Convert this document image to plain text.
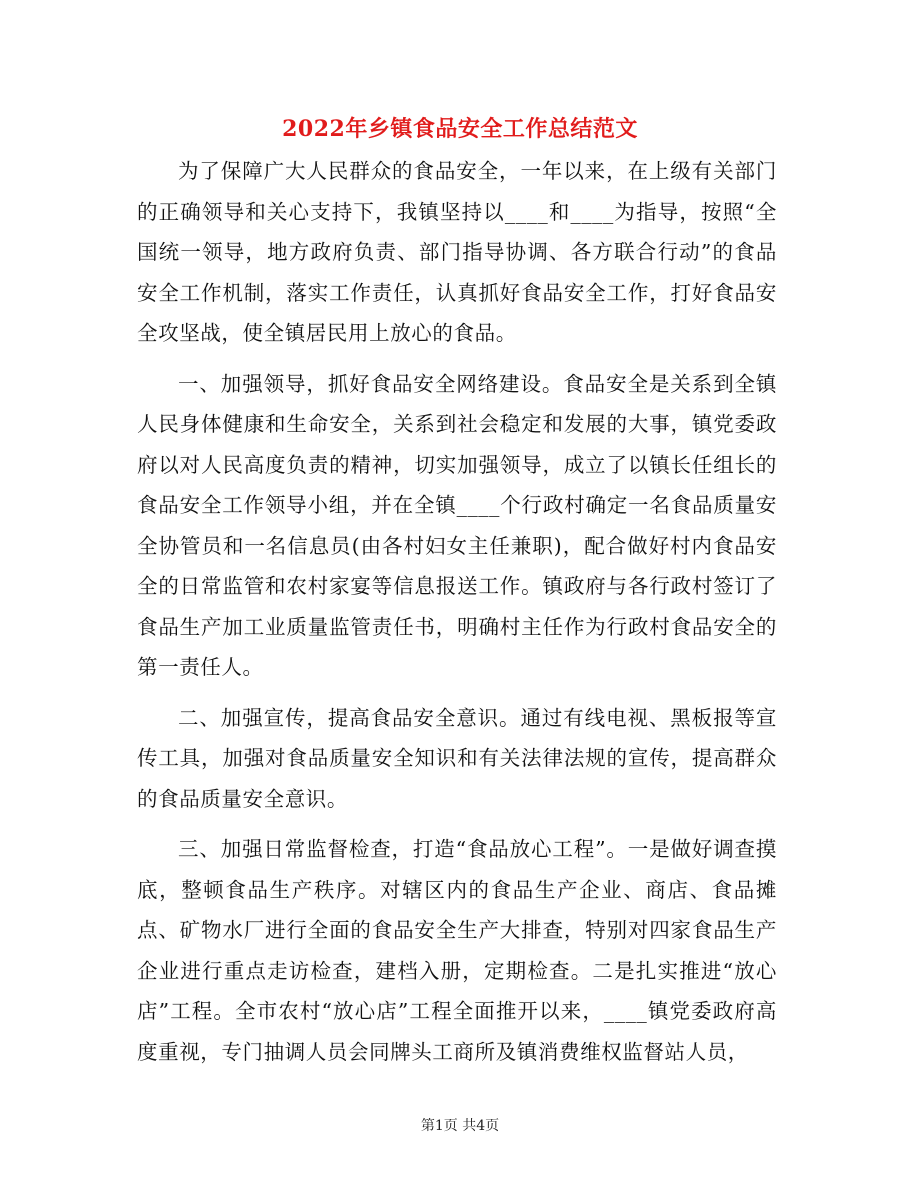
2022年乡镇食品安全工作总结范文

为了保障广大人民群众的食品安全，一年以来，在上级有关部门的正确领导和关心支持下，我镇坚持以____和____为指导，按照“全国统一领导，地方政府负责、部门指导协调、各方联合行动”的食品安全工作机制，落实工作责任，认真抓好食品安全工作，打好食品安全攻坚战，使全镇居民用上放心的食品。

一、加强领导，抓好食品安全网络建设。食品安全是关系到全镇人民身体健康和生命安全，关系到社会稳定和发展的大事，镇党委政府以对人民高度负责的精神，切实加强领导，成立了以镇长任组长的食品安全工作领导小组，并在全镇____个行政村确定一名食品质量安全协管员和一名信息员(由各村妇女主任兼职)，配合做好村内食品安全的日常监管和农村家宴等信息报送工作。镇政府与各行政村签订了食品生产加工业质量监管责任书，明确村主任作为行政村食品安全的第一责任人。

二、加强宣传，提高食品安全意识。通过有线电视、黑板报等宣传工具，加强对食品质量安全知识和有关法律法规的宣传，提高群众的食品质量安全意识。

三、加强日常监督检查，打造“食品放心工程”。一是做好调查摸底，整顿食品生产秩序。对辖区内的食品生产企业、商店、食品摊点、矿物水厂进行全面的食品安全生产大排查，特别对四家食品生产企业进行重点走访检查，建档入册，定期检查。二是扎实推进“放心店”工程。全市农村“放心店”工程全面推开以来，____镇党委政府高度重视，专门抽调人员会同牌头工商所及镇消费维权监督站人员，

第1页 共4页
